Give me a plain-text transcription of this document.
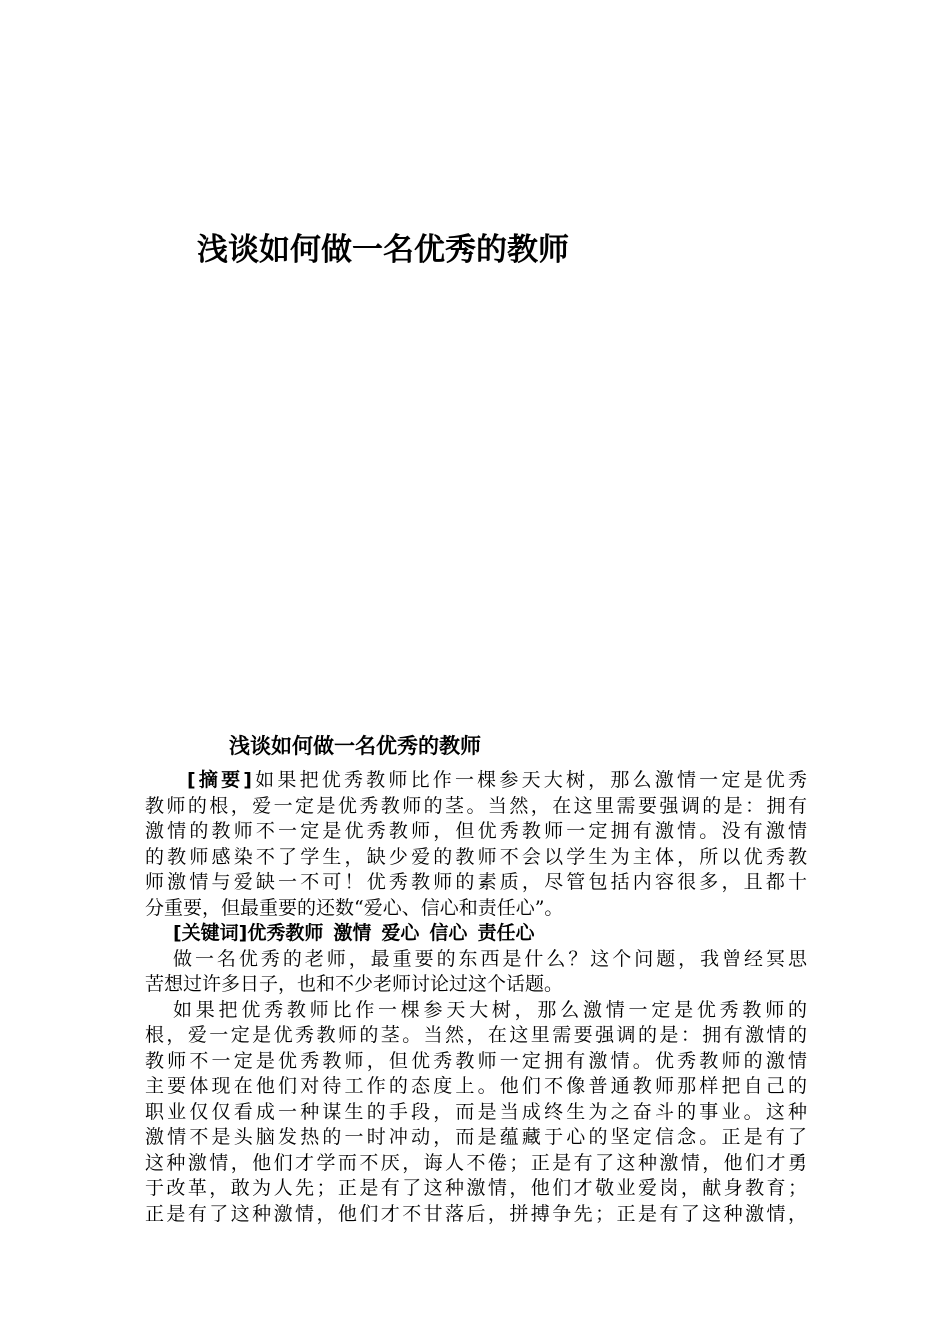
浅谈如何做一名优秀的教师
浅谈如何做一名优秀的教师
[摘要]如果把优秀教师比作一棵参天大树，那么激情一定是优秀
教师的根，爱一定是优秀教师的茎。当然，在这里需要强调的是：拥有
激情的教师不一定是优秀教师，但优秀教师一定拥有激情。没有激情
的教师感染不了学生，缺少爱的教师不会以学生为主体，所以优秀教
师激情与爱缺一不可！优秀教师的素质，尽管包括内容很多，且都十
分重要，但最重要的还数“爱心、信心和责任心”。
[关键词]优秀教师 激情 爱心 信心 责任心
做一名优秀的老师，最重要的东西是什么？这个问题，我曾经冥思
苦想过许多日子，也和不少老师讨论过这个话题。
如果把优秀教师比作一棵参天大树，那么激情一定是优秀教师的
根，爱一定是优秀教师的茎。当然，在这里需要强调的是：拥有激情的
教师不一定是优秀教师，但优秀教师一定拥有激情。优秀教师的激情
主要体现在他们对待工作的态度上。他们不像普通教师那样把自己的
职业仅仅看成一种谋生的手段，而是当成终生为之奋斗的事业。这种
激情不是头脑发热的一时冲动，而是蕴藏于心的坚定信念。正是有了
这种激情，他们才学而不厌，诲人不倦；正是有了这种激情，他们才勇
于改革，敢为人先；正是有了这种激情，他们才敬业爱岗，献身教育；
正是有了这种激情，他们才不甘落后，拼搏争先；正是有了这种激情，
